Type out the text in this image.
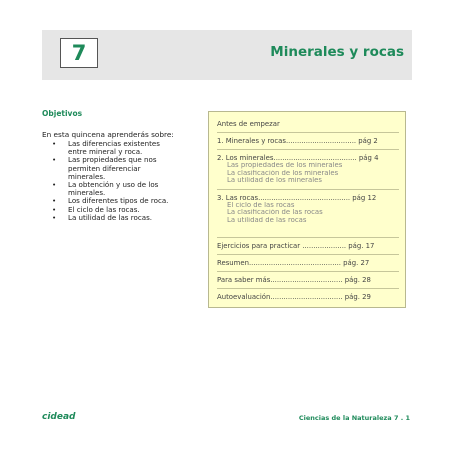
7	Minerales y rocas
Objetivos
En esta quincena aprenderás sobre:
• Las diferencias existentes
entre mineral y roca.
• Las propiedades que nos
permiten diferenciar
minerales.
• La obtención y uso de los
minerales.
• Los diferentes tipos de roca.
• El ciclo de las rocas.
• La utilidad de las rocas.
Antes de empezar
1. Minerales y rocas................................ pág 2
2. Los minerales...................................... pág 4
Las propiedades de los minerales
La clasificación de los minerales
La utilidad de los minerales
3. Las rocas.......................................... pág 12
El ciclo de las rocas
La clasificación de las rocas
La utilidad de las rocas
Ejercicios para practicar .................... pág. 17
Resumen.......................................... pág. 27
Para saber más................................. pág. 28
Autoevaluación................................. pág. 29
cidead	Ciencias de la Naturaleza 7 . 1
